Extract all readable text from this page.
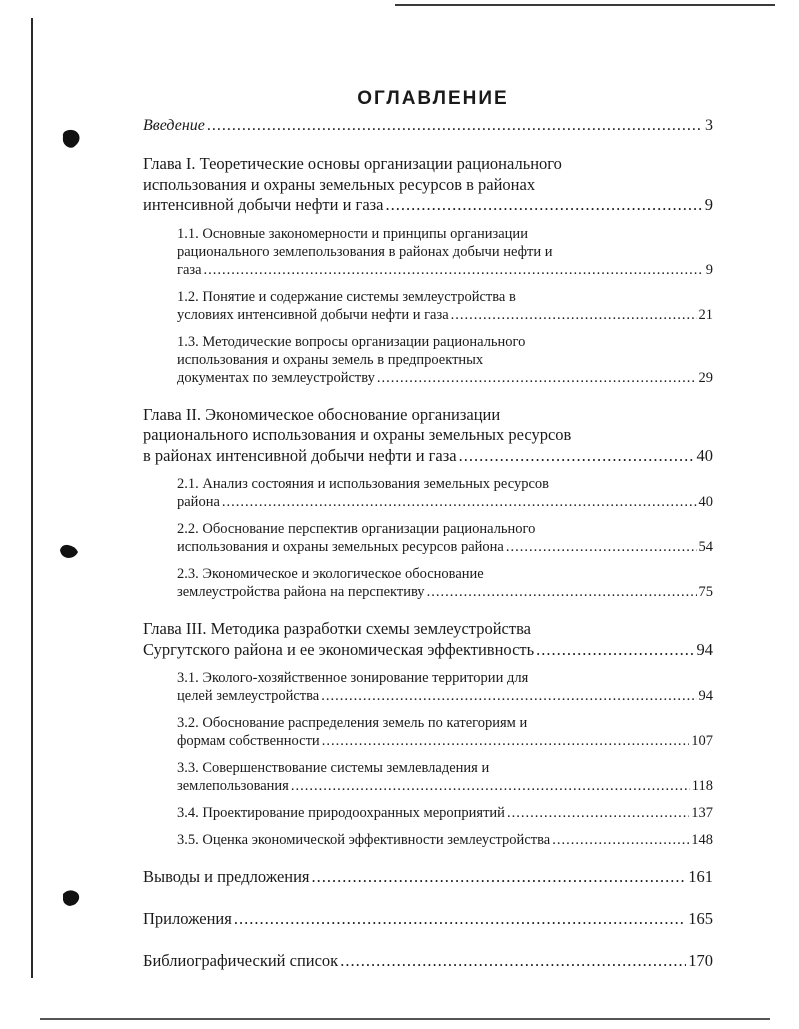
ОГЛАВЛЕНИЕ
Введение .....	3
Глава I. Теоретические основы организации рационального
использования и охраны земельных ресурсов в районах
интенсивной добычи нефти и газа .....	9
1.1. Основные закономерности и принципы организации
рационального землепользования в районах добычи нефти и
газа .....	9
1.2. Понятие и содержание системы землеустройства в
условиях интенсивной добычи нефти и газа .....	21
1.3. Методические вопросы организации рационального
использования и охраны земель в предпроектных
документах по землеустройству .....	29
Глава II. Экономическое обоснование организации
рационального использования и охраны земельных ресурсов
в районах интенсивной добычи нефти и газа .....	40
2.1. Анализ состояния и использования земельных ресурсов
района .....	40
2.2. Обоснование перспектив организации рационального
использования и охраны земельных ресурсов района .....	54
2.3. Экономическое и экологическое обоснование
землеустройства района на перспективу .....	75
Глава III. Методика разработки схемы землеустройства
Сургутского района и ее экономическая эффективность .....	94
3.1. Эколого-хозяйственное зонирование территории для
целей землеустройства .....	94
3.2. Обоснование распределения земель по категориям и
формам собственности .....	107
3.3. Совершенствование системы землевладения и
землепользования .....	118
3.4. Проектирование природоохранных мероприятий .....	137
3.5. Оценка экономической эффективности землеустройства .....	148
Выводы и предложения .....	161
Приложения .....	165
Библиографический список .....	170
